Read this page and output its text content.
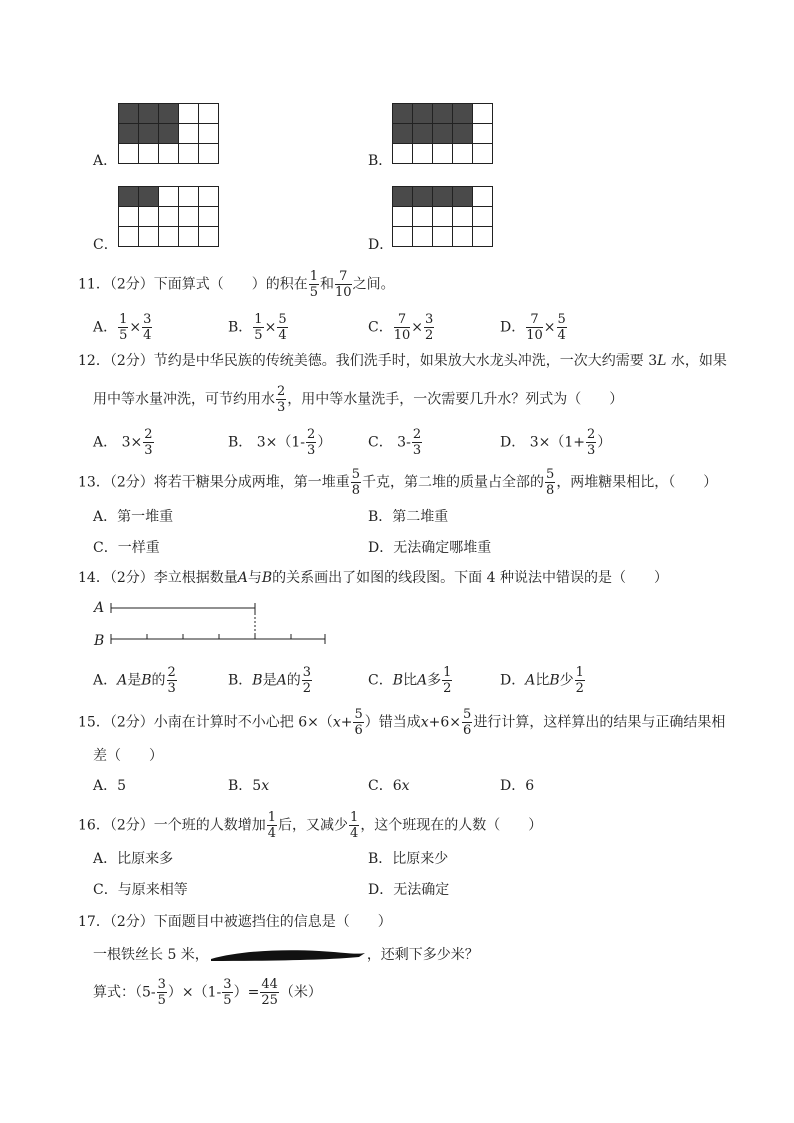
A．

					B．

C．

					D．

11．（2分）下面算式（　　）的积在 $\frac{1}{5}$ 和 $\frac{7}{10}$ 之间。
A． $\frac{1}{5} \times \frac{3}{4}$	B． $\frac{1}{5} \times \frac{5}{4}$	C． $\frac{7}{10} \times \frac{3}{2}$	D． $\frac{7}{10} \times \frac{5}{4}$
12．（2分）节约是中华民族的传统美德。我们洗手时，如果放大水龙头冲洗，一次大约需要 3L 水，如果
用中等水量冲洗，可节约用水 $\frac{2}{3}$ ，用中等水量洗手，一次需要几升水？列式为（　　）
A． $3\times \frac{2}{3}$	B． $3\times(1- \frac{2}{3}$ ）	C． $3- \frac{2}{3}$	D． $3\times(1+ \frac{2}{3}$ ）
13．（2分）将若干糖果分成两堆，第一堆重 $\frac{5}{8}$ 千克，第二堆的质量占全部的 $\frac{5}{8}$ ，两堆糖果相比，（　　）
A．第一堆重	B．第二堆重
C．一样重	D．无法确定哪堆重
14．（2分）李立根据数量A与B的关系画出了如图的线段图。下面 4 种说法中错误的是（　　）
A
B
A．A是B的 $\frac{2}{3}$	B．B是A的 $\frac{3}{2}$	C．B比A多 $\frac{1}{2}$	D．A比B少 $\frac{1}{2}$
15．（2分）小南在计算时不小心把 $6\times(x+ \frac{5}{6}$ ）错当成$x+6\times \frac{5}{6}$ 进行计算，这样算出的结果与正确结果相
差（　　）
A．5	B．5x	C．6x	D．6
16．（2分）一个班的人数增加 $\frac{1}{4}$ 后，又减少 $\frac{1}{4}$ ，这个班现在的人数（　　）
A．比原来多	B．比原来少
C．与原来相等	D．无法确定
17．（2分）下面题目中被遮挡住的信息是（　　）
一根铁丝长 5 米，	，还剩下多少米？
算式：$(5- \frac{3}{5} )\times(1- \frac{3}{5}$ ）= $\frac{44}{25}$ （米）
